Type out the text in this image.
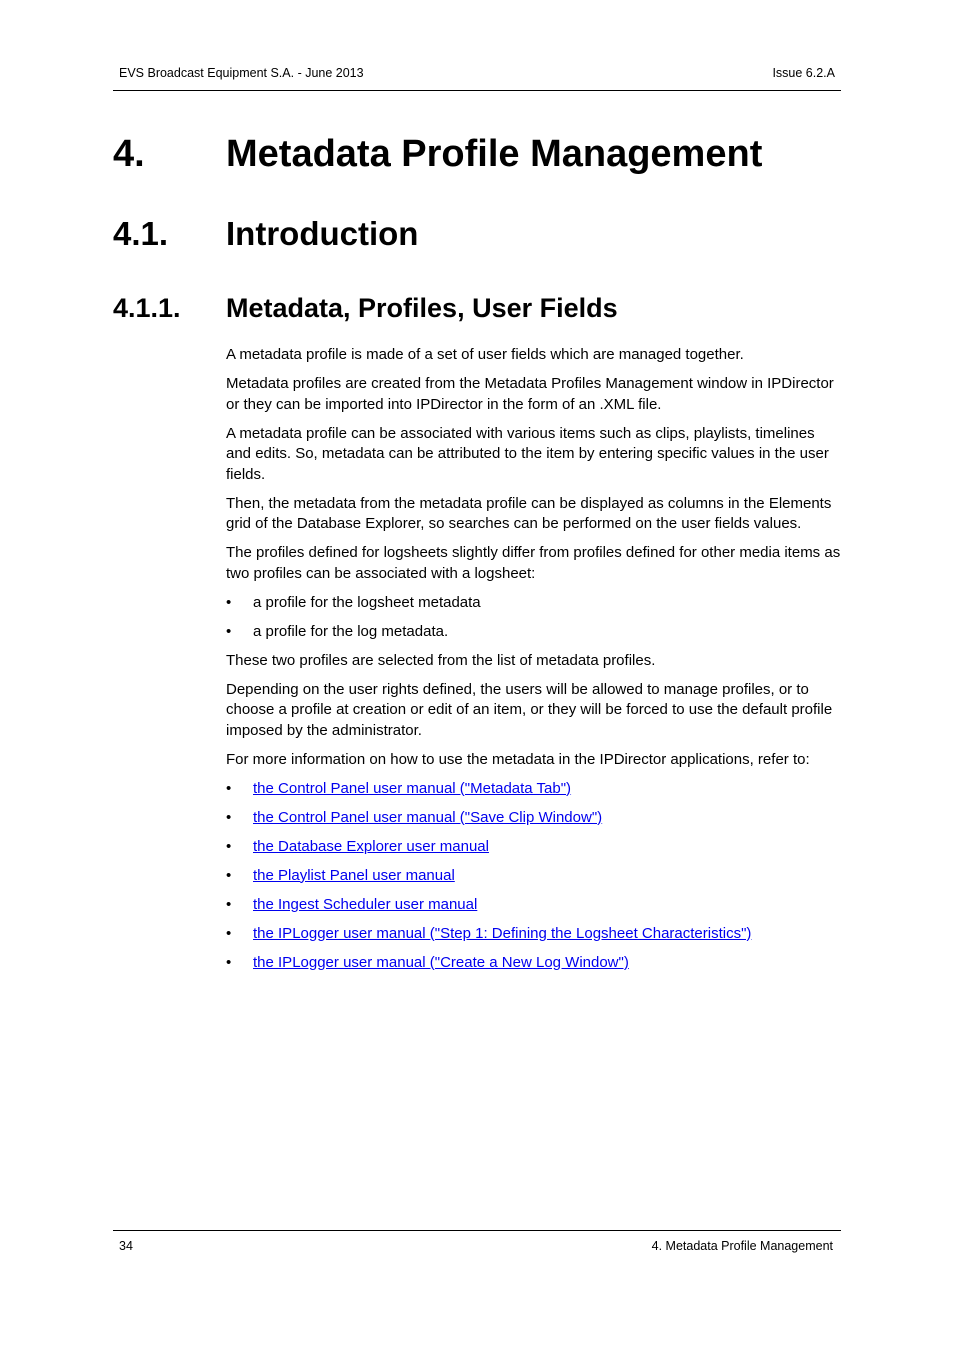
EVS Broadcast Equipment S.A. - June 2013	Issue 6.2.A
4. Metadata Profile Management
4.1. Introduction
4.1.1. Metadata, Profiles, User Fields

A metadata profile is made of a set of user fields which are managed together.

Metadata profiles are created from the Metadata Profiles Management window in IPDirector or they can be imported into IPDirector in the form of an .XML file.

A metadata profile can be associated with various items such as clips, playlists, timelines and edits. So, metadata can be attributed to the item by entering specific values in the user fields.

Then, the metadata from the metadata profile can be displayed as columns in the Elements grid of the Database Explorer, so searches can be performed on the user fields values.

The profiles defined for logsheets slightly differ from profiles defined for other media items as two profiles can be associated with a logsheet:

• a profile for the logsheet metadata
• a profile for the log metadata.

These two profiles are selected from the list of metadata profiles.

Depending on the user rights defined, the users will be allowed to manage profiles, or to choose a profile at creation or edit of an item, or they will be forced to use the default profile imposed by the administrator.

For more information on how to use the metadata in the IPDirector applications, refer to:

• the Control Panel user manual ("Metadata Tab")
• the Control Panel user manual ("Save Clip Window")
• the Database Explorer user manual
• the Playlist Panel user manual
• the Ingest Scheduler user manual
• the IPLogger user manual ("Step 1: Defining the Logsheet Characteristics")
• the IPLogger user manual ("Create a New Log Window")
34	4. Metadata Profile Management
